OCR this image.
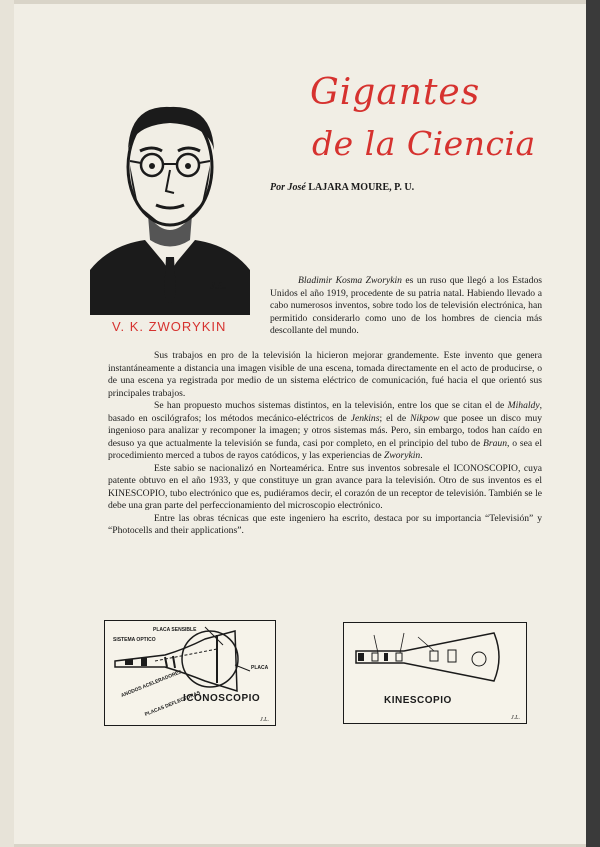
Gigantes
de la Ciencia
Por José LAJARA MOURE, P. U.
J.L.
V. K. ZWORYKIN

Bladimir Kosma Zworykin es un ruso que llegó a los Estados Unidos el año 1919, procedente de su patria natal. Habiendo llevado a cabo numerosos inventos, sobre todo los de televisión electrónica, han permitido considerarlo como uno de los hombres de ciencia más descollante del mundo.

Sus trabajos en pro de la televisión la hicieron mejorar grandemente. Este invento que genera instantáneamente a distancia una imagen visible de una escena, tomada directamente en el acto de producirse, o de una escena ya registrada por medio de un sistema eléctrico de comunicación, fué hacia el que orientó sus principales trabajos.

Se han propuesto muchos sistemas distintos, en la televisión, entre los que se citan el de Mihaldy, basado en oscilógrafos; los métodos mecánico-eléctricos de Jenkins; el de Nikpow que posee un disco muy ingenioso para analizar y recomponer la imagen; y otros sistemas más. Pero, sin embargo, todos han caído en desuso ya que actualmente la televisión se funda, casi por completo, en el principio del tubo de Braun, o sea el procedimiento merced a tubos de rayos catódicos, y las experiencias de Zworykin.

Este sabio se nacionalizó en Norteamérica. Entre sus inventos sobresale el ICONOSCOPIO, cuya patente obtuvo en el año 1933, y que constituye un gran avance para la televisión. Otro de sus inventos es el KINESCOPIO, tubo electrónico que es, pudiéramos decir, el corazón de un receptor de televisión. También se le debe una gran parte del perfeccionamiento del microscopio electrónico.

Entre las obras técnicas que este ingeniero ha escrito, destaca por su importancia “Televisión” y “Photocells and their applications”.

PLACA SENSIBLE
SISTEMA OPTICO
PLACA
ANODOS ACELERADORES
PLACAS DEFLECTORAS
ICONOSCOPIO
J.L.
KINESCOPIO
J.L.
